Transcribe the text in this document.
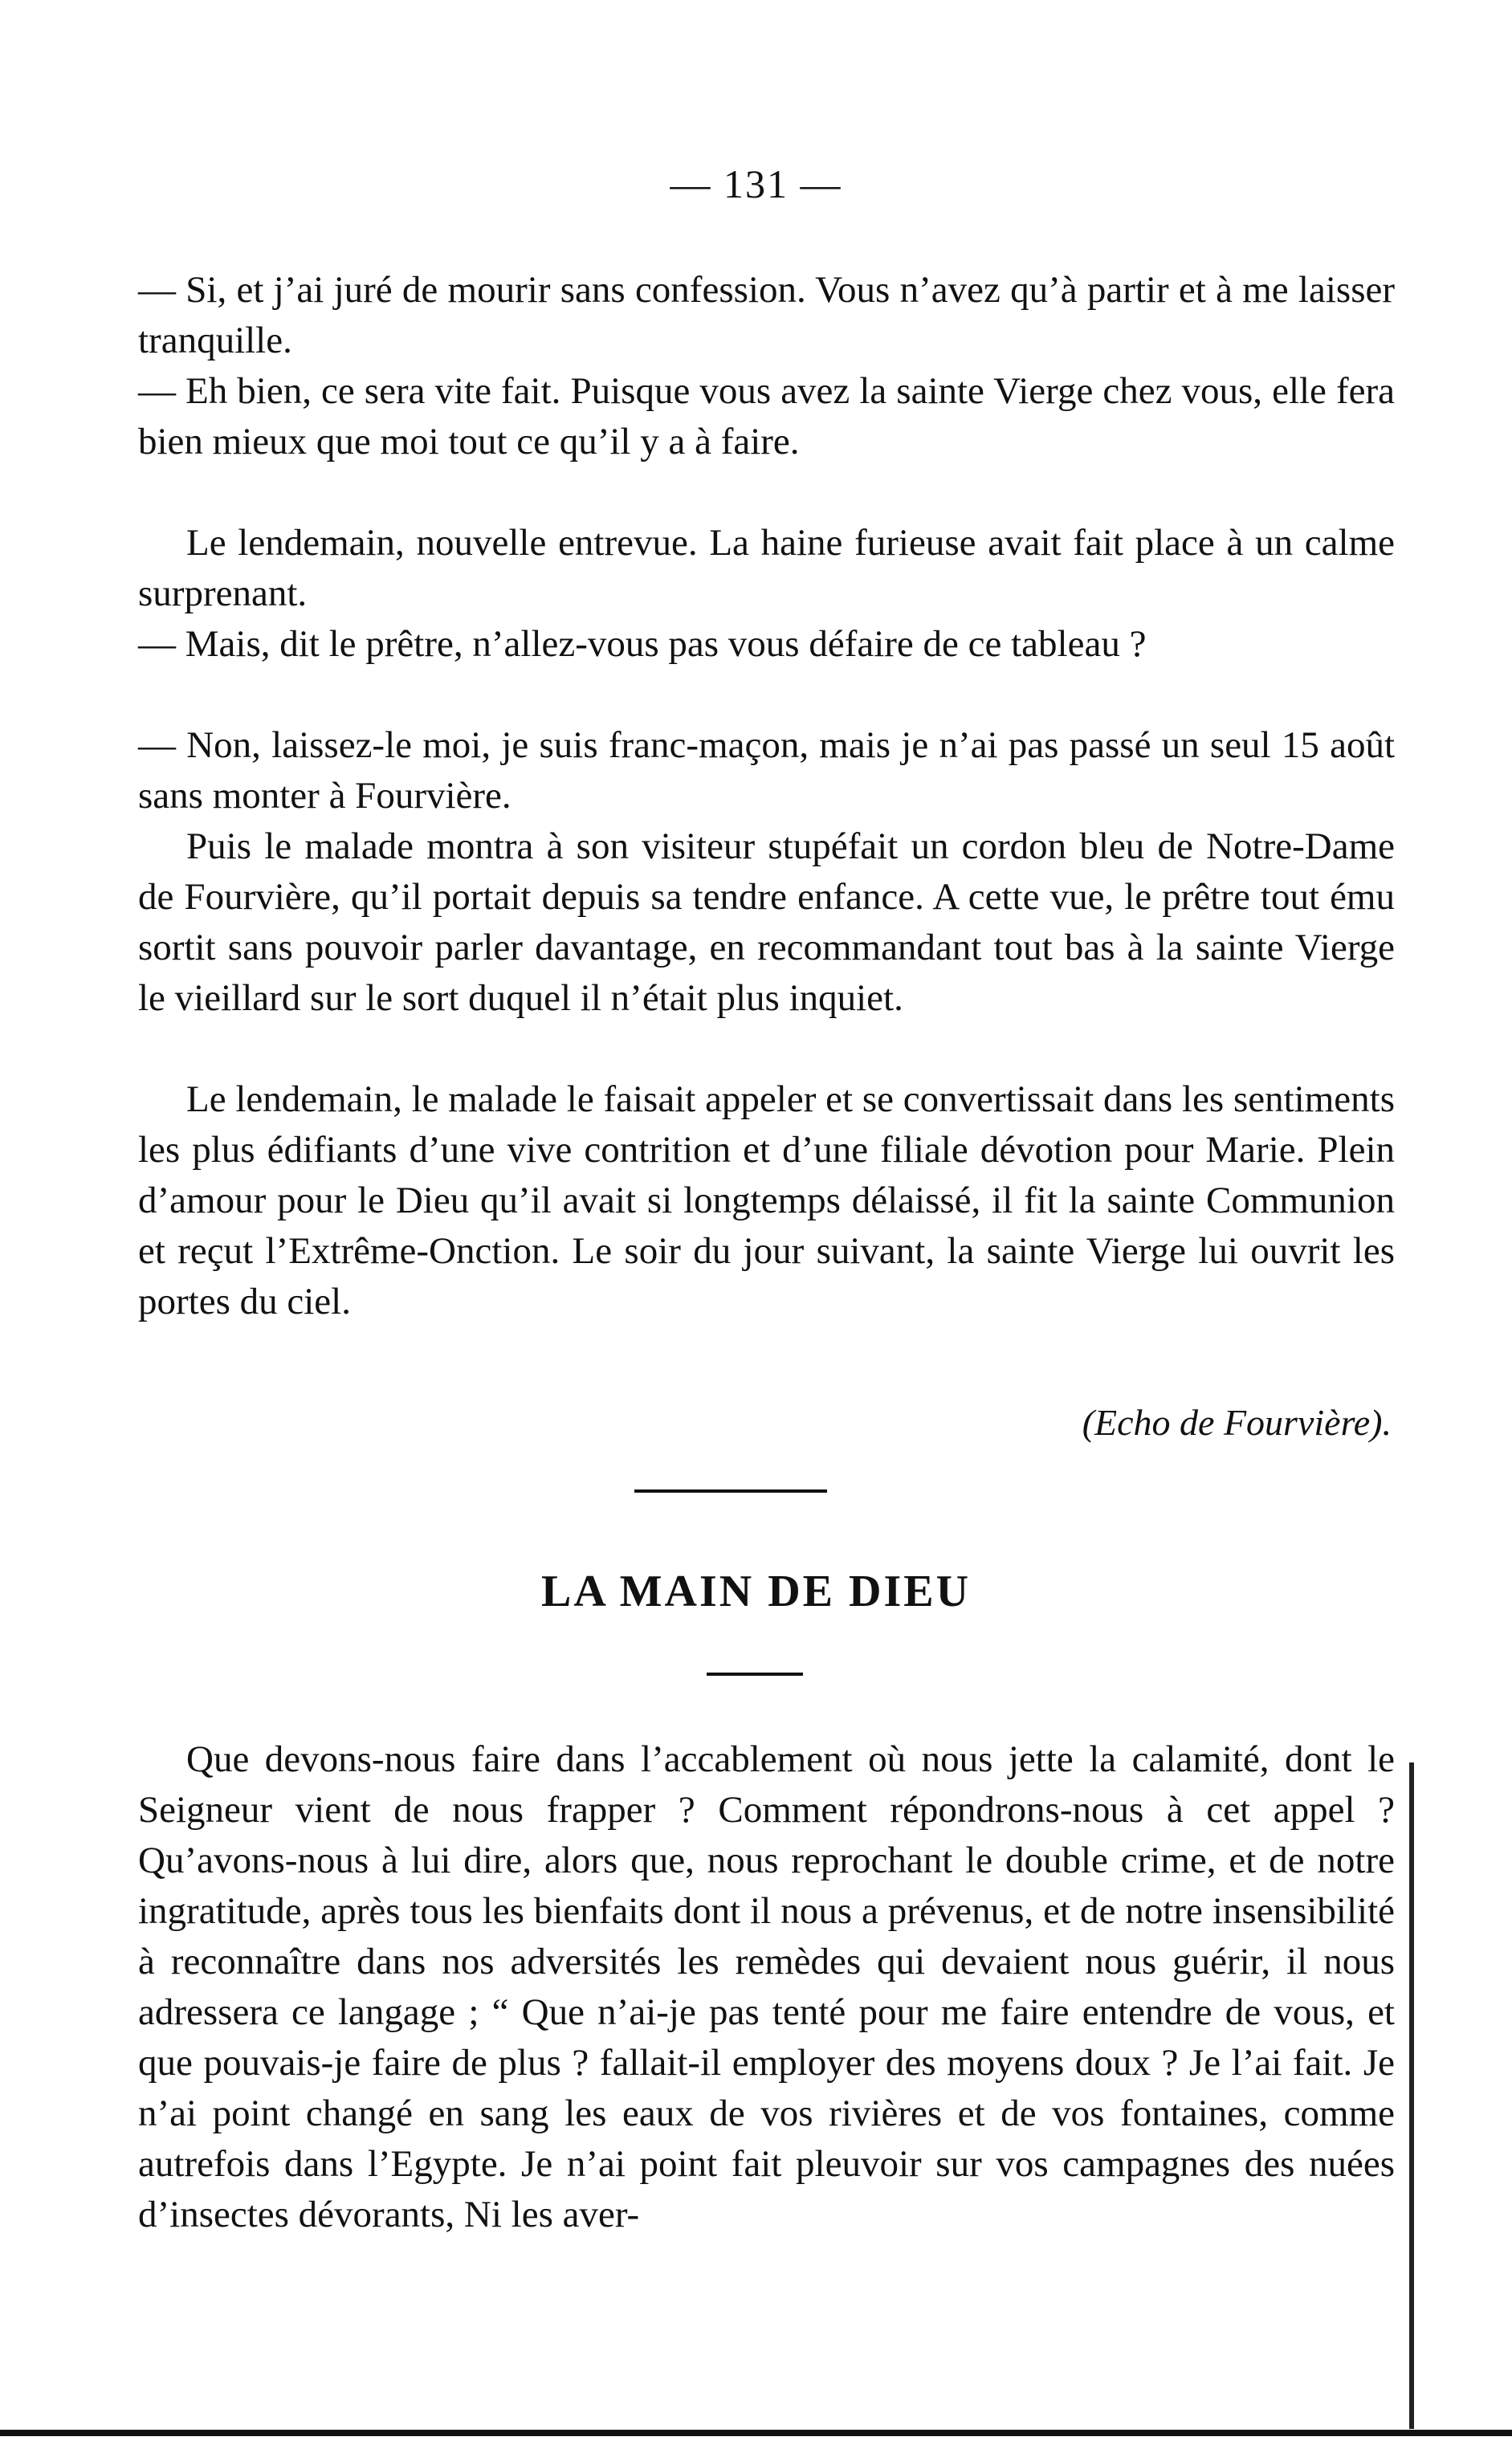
— 131 —

— Si, et j’ai juré de mourir sans confession. Vous n’avez qu’à partir et à me laisser tranquille.

— Eh bien, ce sera vite fait. Puisque vous avez la sainte Vierge chez vous, elle fera bien mieux que moi tout ce qu’il y a à faire.

Le lendemain, nouvelle entrevue. La haine furieuse avait fait place à un calme surprenant.

— Mais, dit le prêtre, n’allez-vous pas vous défaire de ce tableau ?

— Non, laissez-le moi, je suis franc-maçon, mais je n’ai pas passé un seul 15 août sans monter à Fourvière.

Puis le malade montra à son visiteur stupéfait un cordon bleu de Notre-Dame de Fourvière, qu’il portait depuis sa tendre enfance. A cette vue, le prêtre tout ému sortit sans pouvoir parler davantage, en recommandant tout bas à la sainte Vierge le vieillard sur le sort duquel il n’était plus inquiet.

Le lendemain, le malade le faisait appeler et se convertissait dans les sentiments les plus édifiants d’une vive contrition et d’une filiale dévotion pour Marie. Plein d’amour pour le Dieu qu’il avait si longtemps délaissé, il fit la sainte Communion et reçut l’Extrême-Onction. Le soir du jour suivant, la sainte Vierge lui ouvrit les portes du ciel.

(Echo de Fourvière).
LA MAIN DE DIEU

Que devons-nous faire dans l’accablement où nous jette la calamité, dont le Seigneur vient de nous frapper ? Comment répondrons-nous à cet appel ? Qu’avons-nous à lui dire, alors que, nous reprochant le double crime, et de notre ingratitude, après tous les bienfaits dont il nous a prévenus, et de notre insensibilité à reconnaître dans nos adversités les remèdes qui devaient nous guérir, il nous adressera ce langage ; “ Que n’ai-je pas tenté pour me faire entendre de vous, et que pouvais-je faire de plus ? fallait-il employer des moyens doux ? Je l’ai fait. Je n’ai point changé en sang les eaux de vos rivières et de vos fontaines, comme autrefois dans l’Egypte. Je n’ai point fait pleuvoir sur vos campagnes des nuées d’insectes dévorants, Ni les aver-
